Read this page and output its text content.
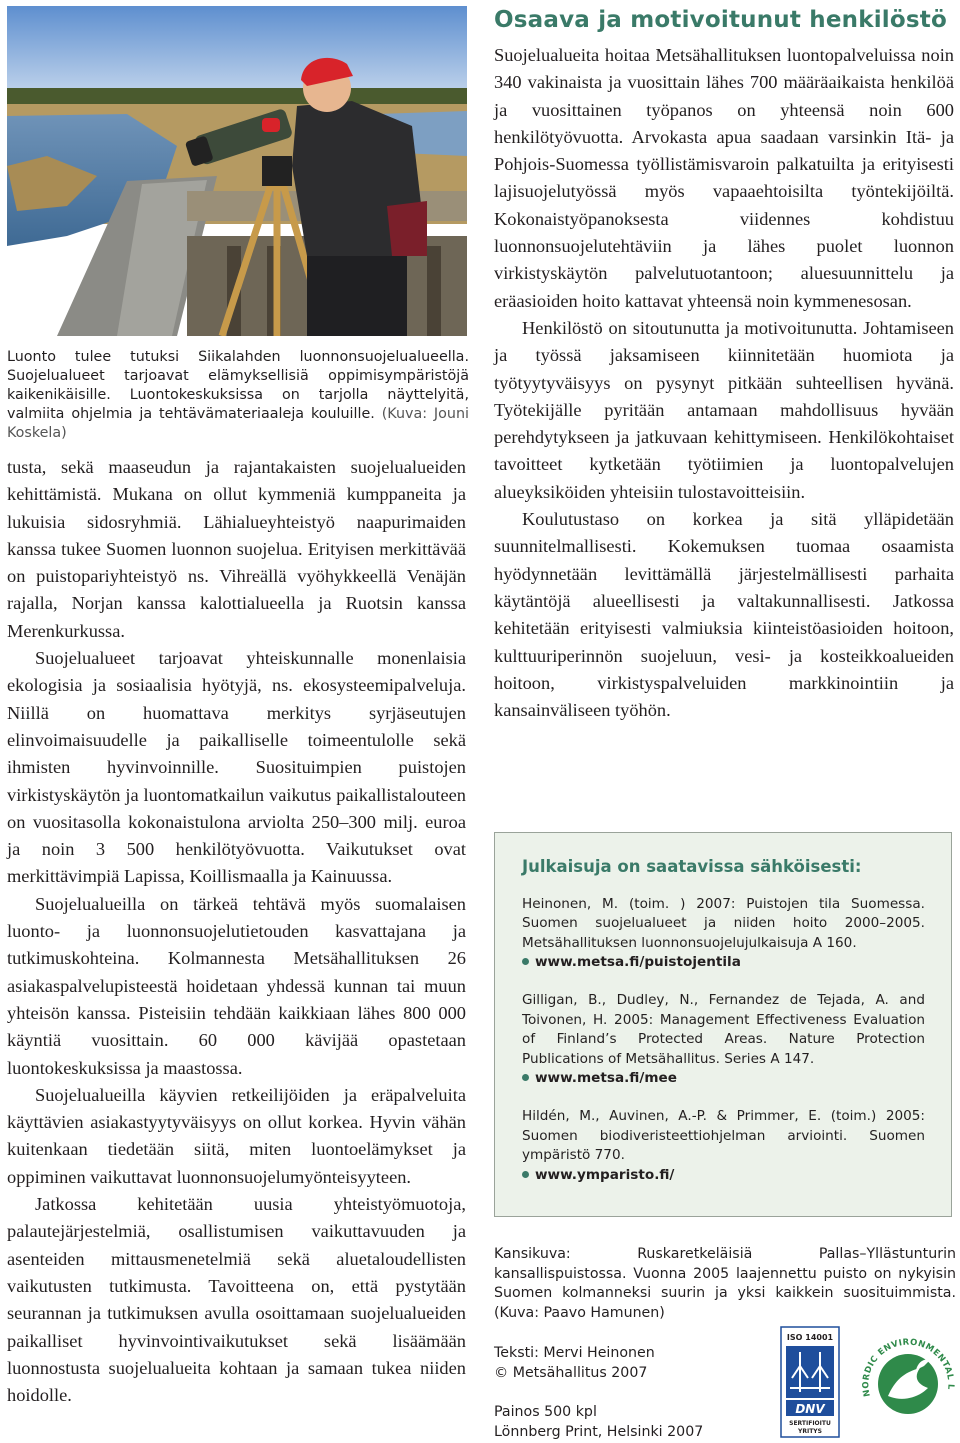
Luonto tulee tutuksi Siikalahden luonnonsuojelualueella. Suojelualueet tarjoavat elämyksellisiä oppimisympäristöjä kaikenikäisille. Luontokeskuksissa on tarjolla näyttelyitä, valmiita ohjelmia ja tehtävämateriaaleja kouluille. (Kuva: Jouni Koskela)

tusta, sekä maaseudun ja rajantakaisten suojelualueiden kehittämistä. Mukana on ollut kymmeniä kumppaneita ja lukuisia sidosryhmiä. Lähialueyhteistyö naapurimaiden kanssa tukee Suomen luonnon suojelua. Erityisen merkittävää on puistopariyhteistyö ns. Vihreällä vyöhykkeellä Venäjän rajalla, Norjan kanssa kalottialueella ja Ruotsin kanssa Merenkurkussa.

Suojelualueet tarjoavat yhteiskunnalle monenlaisia ekologisia ja sosiaalisia hyötyjä, ns. ekosysteemipalveluja. Niillä on huomattava merkitys syrjäseutujen elinvoimaisuudelle ja paikalliselle toimeentulolle sekä ihmisten hyvinvoinnille. Suosituimpien puistojen virkistyskäytön ja luontomatkailun vaikutus paikallistalouteen on vuositasolla kokonaistulona arviolta 250–300 milj. euroa ja noin 3 500 henkilötyövuotta. Vaikutukset ovat merkittävimpiä Lapissa, Koillismaalla ja Kainuussa.

Suojelualueilla on tärkeä tehtävä myös suomalaisen luonto- ja luonnonsuojelutietouden kasvattajana ja tutkimuskohteina. Kolmannesta Metsähallituksen 26 asiakaspalvelupisteestä hoidetaan yhdessä kunnan tai muun yhteisön kanssa. Pisteisiin tehdään kaikkiaan lähes 800 000 käyntiä vuosittain. 60 000 kävijää opastetaan luontokeskuksissa ja maastossa.

Suojelualueilla käyvien retkeilijöiden ja eräpalveluita käyttävien asiakastyytyväisyys on ollut korkea. Hyvin vähän kuitenkaan tiedetään siitä, miten luontoelämykset ja oppiminen vaikuttavat luonnonsuojelumyönteisyyteen.

Jatkossa kehitetään uusia yhteistyömuotoja, palautejärjestelmiä, osallistumisen vaikuttavuuden ja asenteiden mittausmenetelmiä sekä aluetaloudellisten vaikutusten tutkimusta. Tavoitteena on, että pystytään seurannan ja tutkimuksen avulla osoittamaan suojelualueiden paikalliset hyvinvointivaikutukset sekä lisäämään luonnostusta suojelualueita kohtaan ja samaan tukea niiden hoidolle.

Osaava ja motivoitunut henkilöstö

Suojelualueita hoitaa Metsähallituksen luontopalveluissa noin 340 vakinaista ja vuosittain lähes 700 määräaikaista henkilöä ja vuosittainen työpanos on yhteensä noin 600 henkilötyövuotta. Arvokasta apua saadaan varsinkin Itä- ja Pohjois-Suomessa työllistämisvaroin palkatuilta ja erityisesti lajisuojelutyössä myös vapaaehtoisilta työntekijöiltä. Kokonaistyöpanoksesta viidennes kohdistuu luonnonsuojelutehtäviin ja lähes puolet luonnon virkistyskäytön palvelutuotantoon; aluesuunnittelu ja eräasioiden hoito kattavat yhteensä noin kymmenesosan.

Henkilöstö on sitoutunutta ja motivoitunutta. Johtamiseen ja työssä jaksamiseen kiinnitetään huomiota ja työtyytyväisyys on pysynyt pitkään suhteellisen hyvänä. Työtekijälle pyritään antamaan mahdollisuus hyvään perehdytykseen ja jatkuvaan kehittymiseen. Henkilökohtaiset tavoitteet kytketään työtiimien ja luontopalvelujen alueyksiköiden yhteisiin tulostavoitteisiin.

Koulutustaso on korkea ja sitä ylläpidetään suunnitelmallisesti. Kokemuksen tuomaa osaamista hyödynnetään levittämällä järjestelmällisesti parhaita käytäntöjä alueellisesti ja valtakunnallisesti. Jatkossa kehitetään erityisesti valmiuksia kiinteistöasioiden hoitoon, kulttuuriperinnön suojeluun, vesi- ja kosteikkoalueiden hoitoon, virkistyspalveluiden markkinointiin ja kansainväliseen työhön.

Julkaisuja on saatavissa sähköisesti:
Heinonen, M. (toim. ) 2007: Puistojen tila Suomessa. Suomen suojelualueet ja niiden hoito 2000–2005. Metsähallituksen luonnonsuojelujulkaisuja A 160.
www.metsa.fi/puistojentila
Gilligan, B., Dudley, N., Fernandez de Tejada, A. and Toivonen, H. 2005: Management Effectiveness Evaluation of Finland’s Protected Areas. Nature Protection Publications of Metsähallitus. Series A 147.
www.metsa.fi/mee
Hildén, M., Auvinen, A.-P. & Primmer, E. (toim.) 2005: Suomen biodiveristeettiohjelman arviointi. Suomen ympäristö 770.
www.ymparisto.fi/
Kansikuva: Ruskaretkeläisiä Pallas–Yllästunturin kansallispuistossa. Vuonna 2005 laajennettu puisto on nykyisin Suomen kolmanneksi suurin ja yksi kaikkein suosituimmista. (Kuva: Paavo Hamunen)
Teksti: Mervi Heinonen
© Metsähallitus 2007
Painos 500 kpl
Lönnberg Print, Helsinki 2007
ISO 14001
DNV
SERTIFIOITU
YRITYS
NORDIC ENVIRONMENTAL L
